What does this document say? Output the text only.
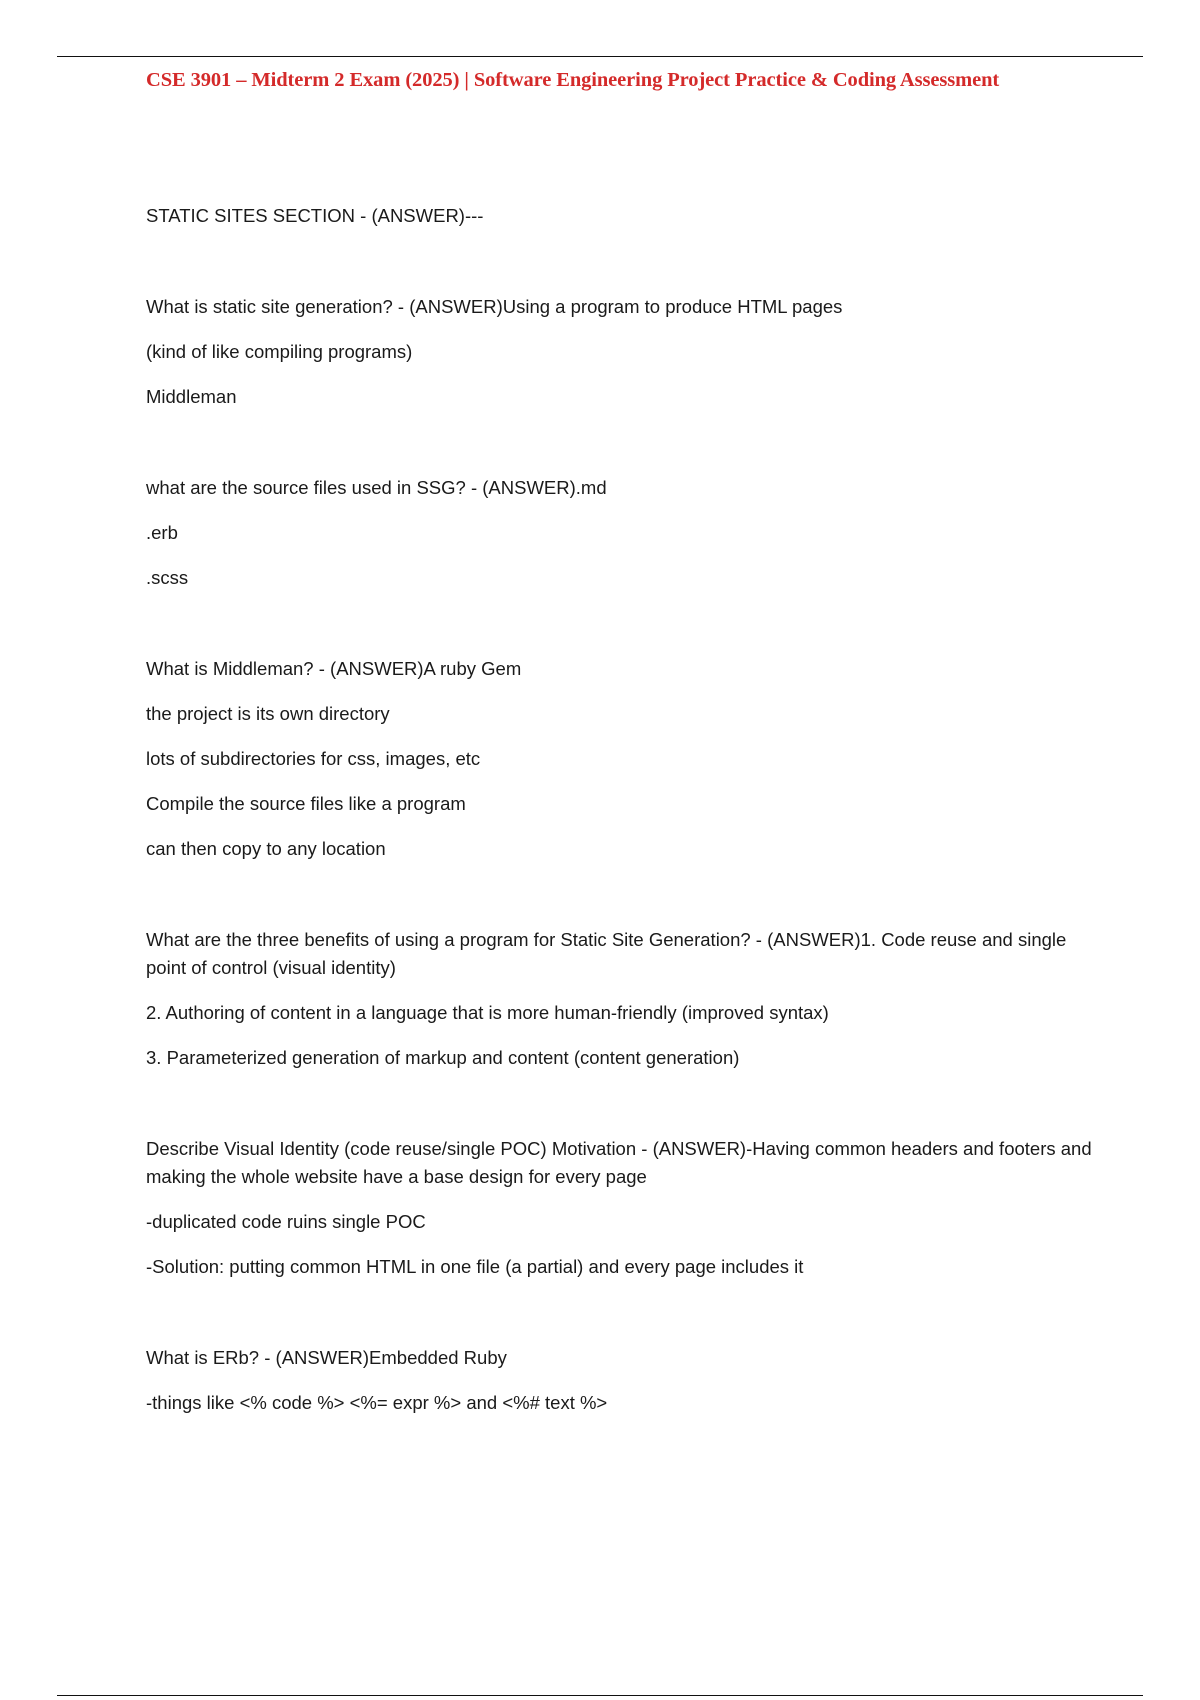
CSE 3901 – Midterm 2 Exam (2025) | Software Engineering Project Practice & Coding Assessment

STATIC SITES SECTION - (ANSWER)---

What is static site generation? - (ANSWER)Using a program to produce HTML pages

(kind of like compiling programs)

Middleman

what are the source files used in SSG? - (ANSWER).md

.erb

.scss

What is Middleman? - (ANSWER)A ruby Gem

the project is its own directory

lots of subdirectories for css, images, etc

Compile the source files like a program

can then copy to any location

What are the three benefits of using a program for Static Site Generation? - (ANSWER)1. Code reuse and single point of control (visual identity)

2. Authoring of content in a language that is more human-friendly (improved syntax)

3. Parameterized generation of markup and content (content generation)

Describe Visual Identity (code reuse/single POC) Motivation - (ANSWER)-Having common headers and footers and making the whole website have a base design for every page

-duplicated code ruins single POC

-Solution: putting common HTML in one file (a partial) and every page includes it

What is ERb? - (ANSWER)Embedded Ruby

-things like <% code %> <%= expr %> and <%# text %>
